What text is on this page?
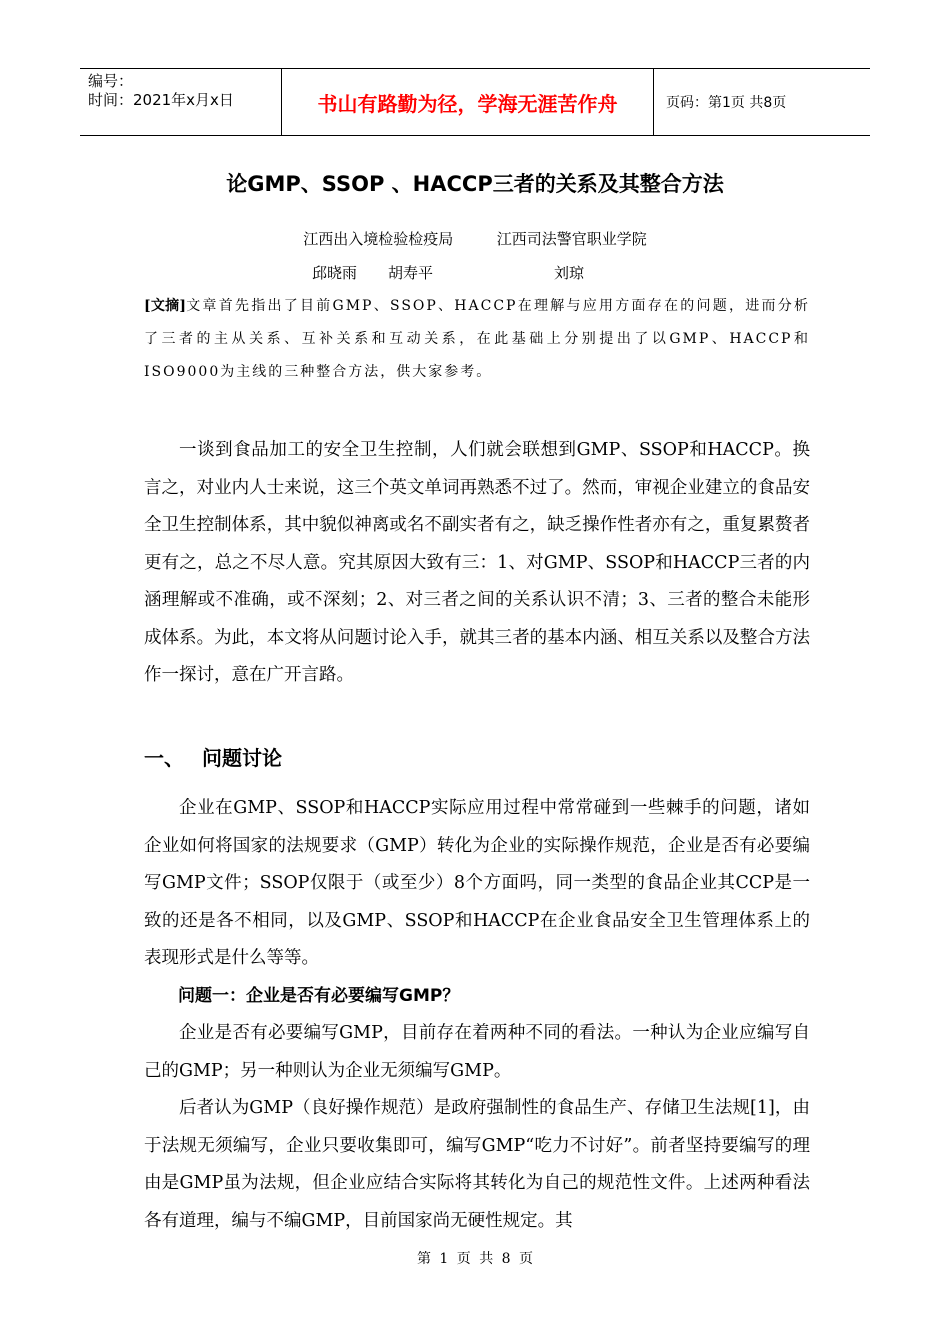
编号：
时间：2021年x月x日	书山有路勤为径，学海无涯苦作舟	页码：第1页 共8页
论GMP、SSOP 、HACCP三者的关系及其整合方法
江西出入境检验检疫局	江西司法警官职业学院
邱晓雨 胡寿平	刘琼
[文摘]文章首先指出了目前GMP、SSOP、HACCP在理解与应用方面存在的问题，进而分析了三者的主从关系、互补关系和互动关系，在此基础上分别提出了以GMP、HACCP和ISO9000为主线的三种整合方法，供大家参考。

一谈到食品加工的安全卫生控制，人们就会联想到GMP、SSOP和HACCP。换言之，对业内人士来说，这三个英文单词再熟悉不过了。然而，审视企业建立的食品安全卫生控制体系，其中貌似神离或名不副实者有之，缺乏操作性者亦有之，重复累赘者更有之，总之不尽人意。究其原因大致有三：1、对GMP、SSOP和HACCP三者的内涵理解或不准确，或不深刻；2、对三者之间的关系认识不清；3、三者的整合未能形成体系。为此，本文将从问题讨论入手，就其三者的基本内涵、相互关系以及整合方法作一探讨，意在广开言路。

一、 问题讨论

企业在GMP、SSOP和HACCP实际应用过程中常常碰到一些棘手的问题，诸如企业如何将国家的法规要求（GMP）转化为企业的实际操作规范，企业是否有必要编写GMP文件；SSOP仅限于（或至少）8个方面吗，同一类型的食品企业其CCP是一致的还是各不相同，以及GMP、SSOP和HACCP在企业食品安全卫生管理体系上的表现形式是什么等等。

问题一：企业是否有必要编写GMP？

企业是否有必要编写GMP，目前存在着两种不同的看法。一种认为企业应编写自己的GMP；另一种则认为企业无须编写GMP。

后者认为GMP（良好操作规范）是政府强制性的食品生产、存储卫生法规[1]，由于法规无须编写，企业只要收集即可，编写GMP“吃力不讨好”。前者坚持要编写的理由是GMP虽为法规，但企业应结合实际将其转化为自己的规范性文件。上述两种看法各有道理，编与不编GMP，目前国家尚无硬性规定。其

第 1 页 共 8 页
